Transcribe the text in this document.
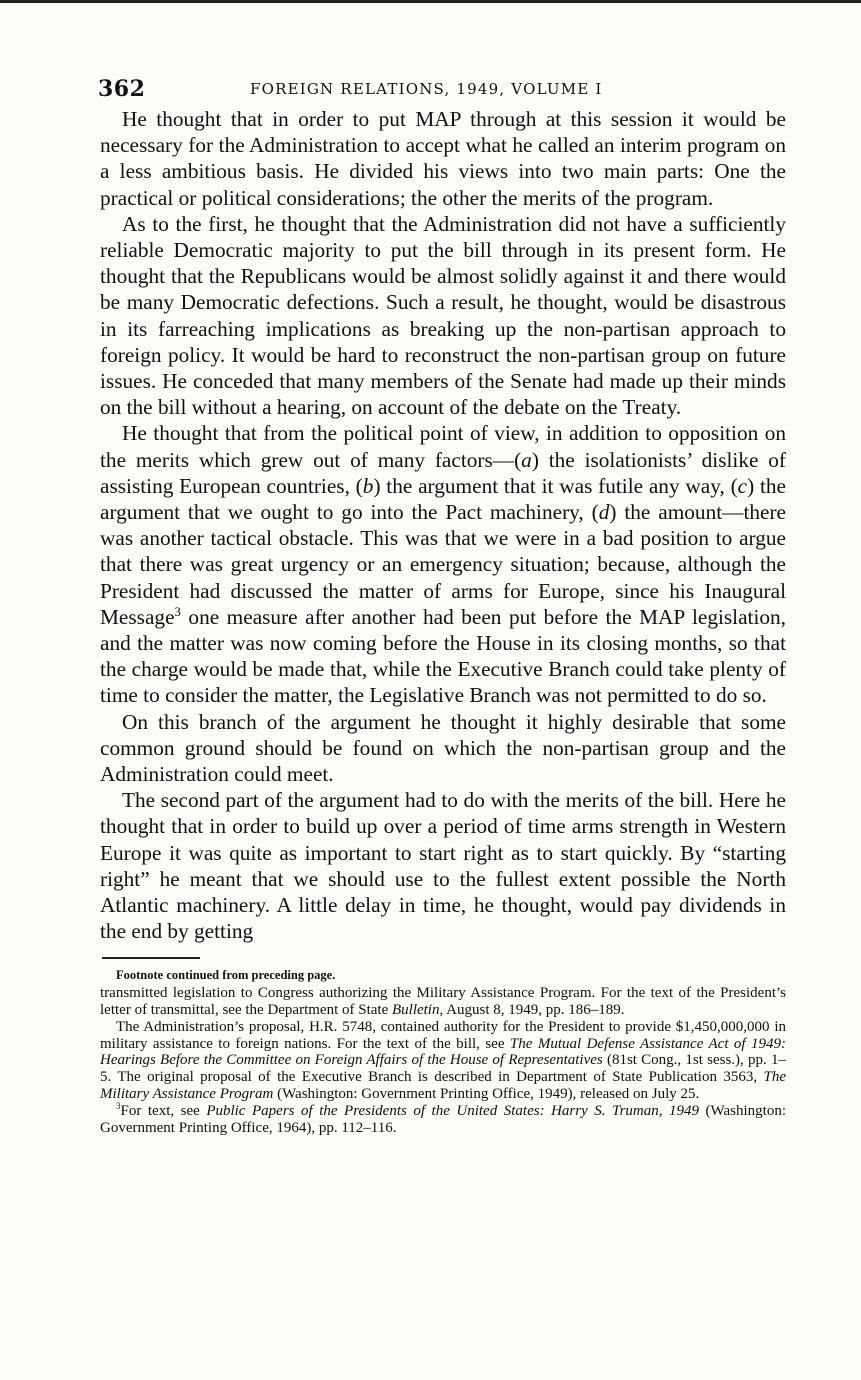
362	FOREIGN RELATIONS, 1949, VOLUME I

He thought that in order to put MAP through at this session it would be necessary for the Administration to accept what he called an interim program on a less ambitious basis. He divided his views into two main parts: One the practical or political considerations; the other the merits of the program.

As to the first, he thought that the Administration did not have a sufficiently reliable Democratic majority to put the bill through in its present form. He thought that the Republicans would be almost solidly against it and there would be many Democratic defections. Such a result, he thought, would be disastrous in its farreaching implications as breaking up the non-partisan approach to foreign policy. It would be hard to reconstruct the non-partisan group on future issues. He conceded that many members of the Senate had made up their minds on the bill without a hearing, on account of the debate on the Treaty.

He thought that from the political point of view, in addition to opposition on the merits which grew out of many factors—(a) the isolationists’ dislike of assisting European countries, (b) the argument that it was futile any way, (c) the argument that we ought to go into the Pact machinery, (d) the amount—there was another tactical obstacle. This was that we were in a bad position to argue that there was great urgency or an emergency situation; because, although the President had discussed the matter of arms for Europe, since his Inaugural Message$^3$ one measure after another had been put before the MAP legislation, and the matter was now coming before the House in its closing months, so that the charge would be made that, while the Executive Branch could take plenty of time to consider the matter, the Legislative Branch was not permitted to do so.

On this branch of the argument he thought it highly desirable that some common ground should be found on which the non-partisan group and the Administration could meet.

The second part of the argument had to do with the merits of the bill. Here he thought that in order to build up over a period of time arms strength in Western Europe it was quite as important to start right as to start quickly. By “starting right” he meant that we should use to the fullest extent possible the North Atlantic machinery. A little delay in time, he thought, would pay dividends in the end by getting

Footnote continued from preceding page.

transmitted legislation to Congress authorizing the Military Assistance Program. For the text of the President’s letter of transmittal, see the Department of State Bulletin, August 8, 1949, pp. 186–189.

The Administration’s proposal, H.R. 5748, contained authority for the President to provide $1,450,000,000 in military assistance to foreign nations. For the text of the bill, see The Mutual Defense Assistance Act of 1949: Hearings Before the Committee on Foreign Affairs of the House of Representatives (81st Cong., 1st sess.), pp. 1–5. The original proposal of the Executive Branch is described in Department of State Publication 3563, The Military Assistance Program (Washington: Government Printing Office, 1949), released on July 25.

$^3$For text, see Public Papers of the Presidents of the United States: Harry S. Truman, 1949 (Washington: Government Printing Office, 1964), pp. 112–116.
